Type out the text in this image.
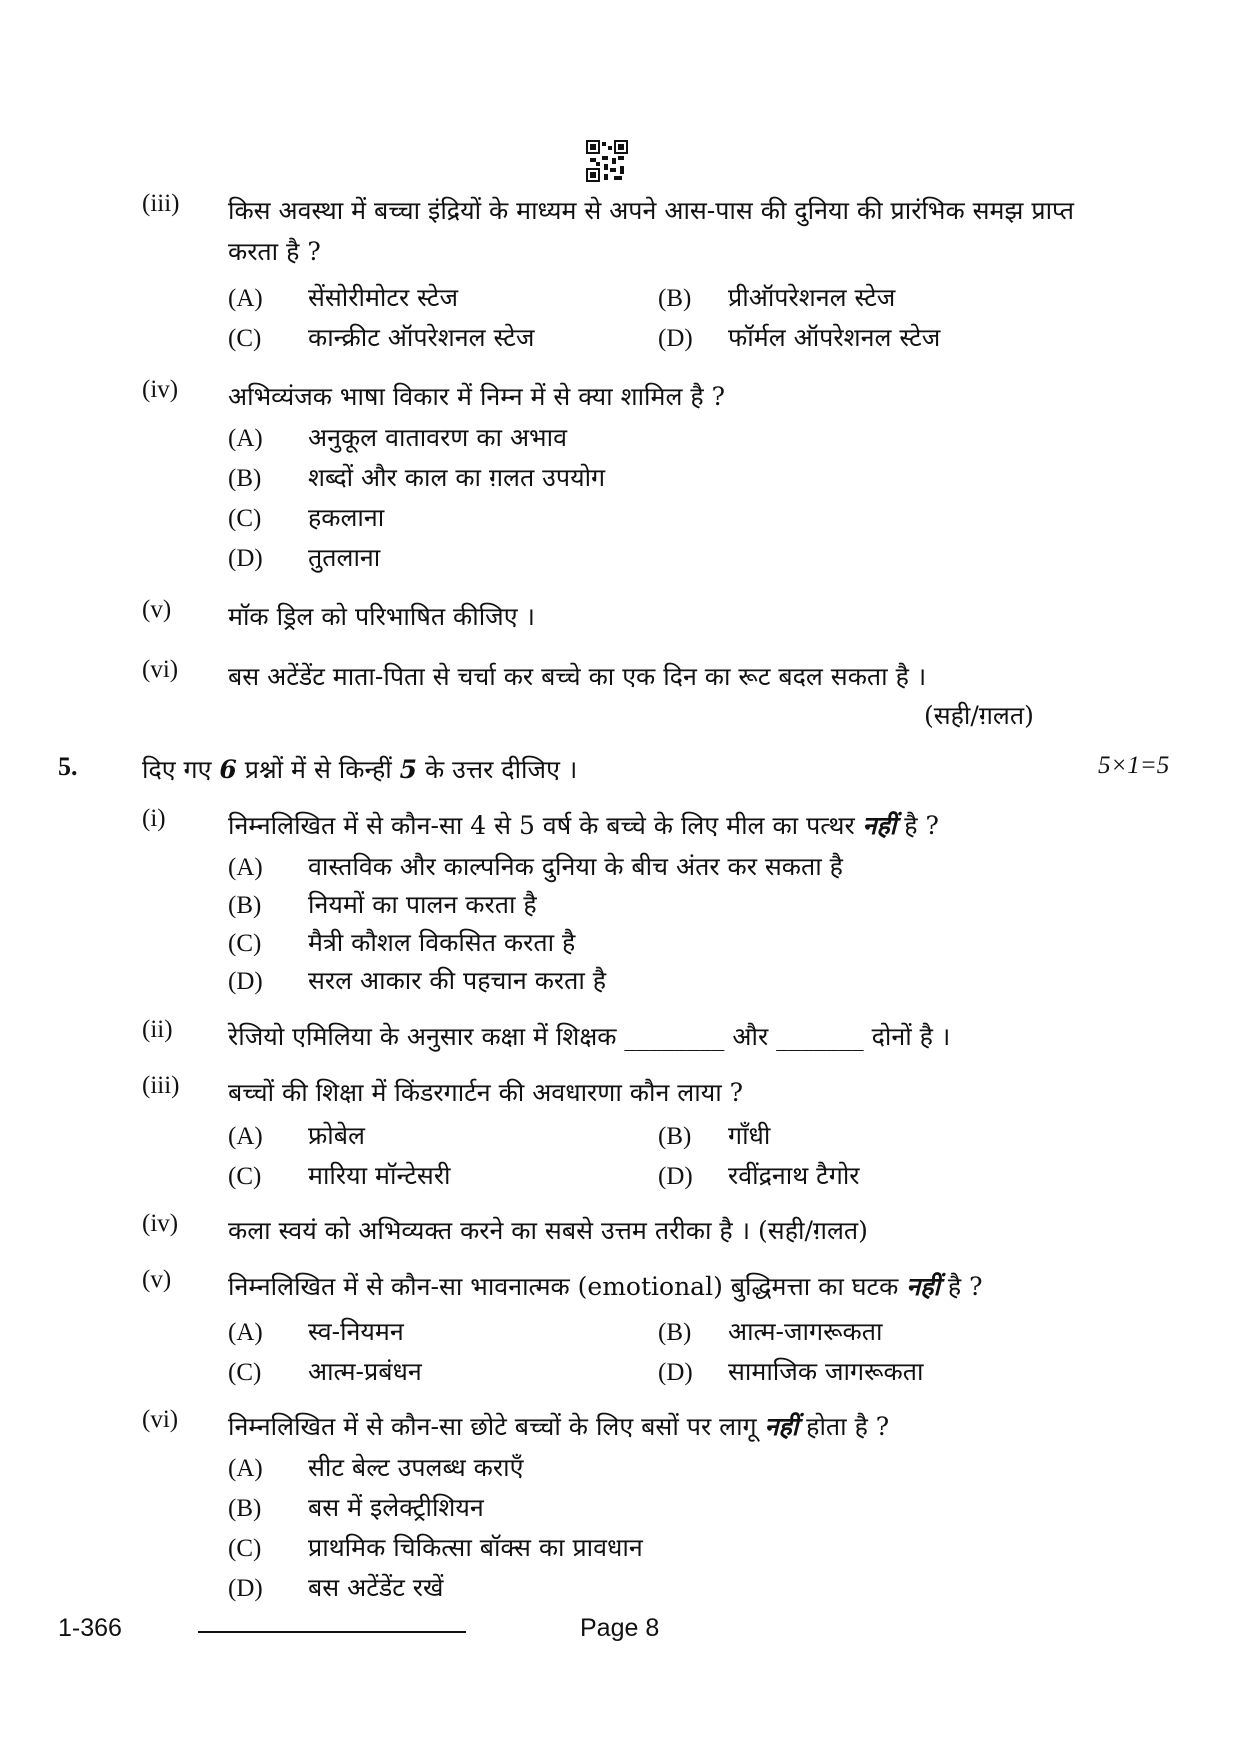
(iii) किस अवस्था में बच्चा इंद्रियों के माध्यम से अपने आस-पास की दुनिया की प्रारंभिक समझ प्राप्त करता है ?
(A) सेंसोरीमोटर स्टेज	(B) प्रीऑपरेशनल स्टेज
(C) कान्क्रीट ऑपरेशनल स्टेज	(D) फॉर्मल ऑपरेशनल स्टेज
(iv) अभिव्यंजक भाषा विकार में निम्न में से क्या शामिल है ?
(A) अनुकूल वातावरण का अभाव
(B) शब्दों और काल का ग़लत उपयोग
(C) हकलाना
(D) तुतलाना
(v) मॉक ड्रिल को परिभाषित कीजिए ।
(vi) बस अटेंडेंट माता-पिता से चर्चा कर बच्चे का एक दिन का रूट बदल सकता है ।
(सही/ग़लत)
5.	दिए गए 6 प्रश्नों में से किन्हीं 5 के उत्तर दीजिए ।	5×1=5
(i) निम्नलिखित में से कौन-सा 4 से 5 वर्ष के बच्चे के लिए मील का पत्थर नहीं है ?
(A) वास्तविक और काल्पनिक दुनिया के बीच अंतर कर सकता है
(B) नियमों का पालन करता है
(C) मैत्री कौशल विकसित करता है
(D) सरल आकार की पहचान करता है
(ii) रेजियो एमिलिया के अनुसार कक्षा में शिक्षक ________ और _______ दोनों है ।
(iii) बच्चों की शिक्षा में किंडरगार्टन की अवधारणा कौन लाया ?
(A) फ्रोबेल	(B) गाँधी
(C) मारिया मॉन्टेसरी	(D) रवींद्रनाथ टैगोर
(iv) कला स्वयं को अभिव्यक्त करने का सबसे उत्तम तरीका है । (सही/ग़लत)
(v) निम्नलिखित में से कौन-सा भावनात्मक (emotional) बुद्धिमत्ता का घटक नहीं है ?
(A) स्व-नियमन	(B) आत्म-जागरूकता
(C) आत्म-प्रबंधन	(D) सामाजिक जागरूकता
(vi) निम्नलिखित में से कौन-सा छोटे बच्चों के लिए बसों पर लागू नहीं होता है ?
(A) सीट बेल्ट उपलब्ध कराएँ
(B) बस में इलेक्ट्रीशियन
(C) प्राथमिक चिकित्सा बॉक्स का प्रावधान
(D) बस अटेंडेंट रखें
1-366	Page 8
